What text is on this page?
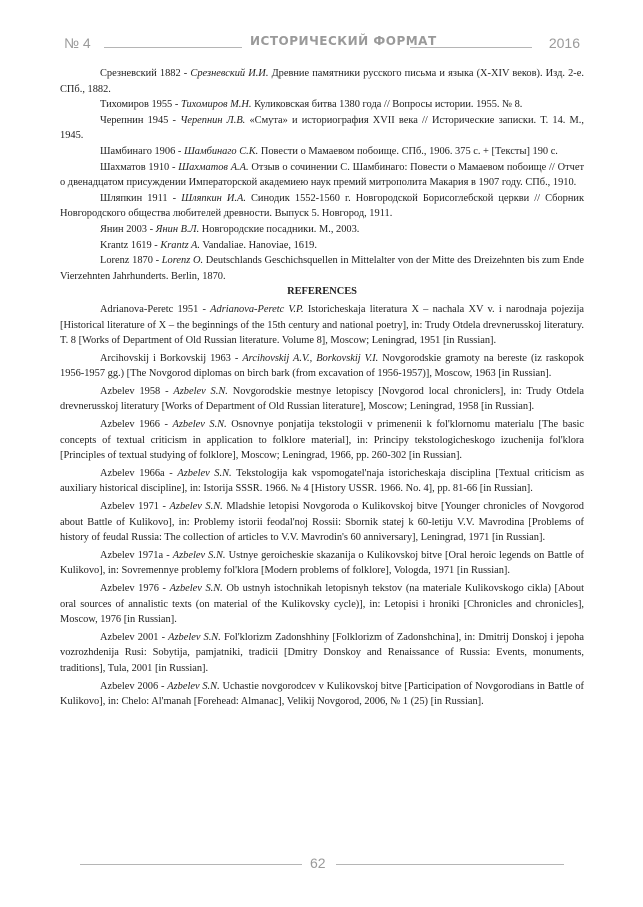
№ 4	ИСТОРИЧЕСКИЙ ФОРМАТ	2016

Срезневский 1882 - Срезневский И.И. Древние памятники русского письма и языка (X-XIV веков). Изд. 2-е. СПб., 1882.

Тихомиров 1955 - Тихомиров М.Н. Куликовская битва 1380 года // Вопросы истории. 1955. № 8.

Черепнин 1945 - Черепнин Л.В. «Смута» и историография XVII века // Исторические записки. Т. 14. М., 1945.

Шамбинаго 1906 - Шамбинаго С.К. Повести о Мамаевом побоище. СПб., 1906. 375 с. + [Тексты] 190 с.

Шахматов 1910 - Шахматов А.А. Отзыв о сочинении С. Шамбинаго: Повести о Мамаевом побоище // Отчет о двенадцатом присуждении Императорской академиею наук премий митрополита Макария в 1907 году. СПб., 1910.

Шляпкин 1911 - Шляпкин И.А. Синодик 1552-1560 г. Новгородской Борисоглебской церкви // Сборник Новгородского общества любителей древности. Выпуск 5. Новгород, 1911.

Янин 2003 - Янин В.Л. Новгородские посадники. М., 2003.

Krantz 1619 - Krantz A. Vandaliae. Hanoviae, 1619.

Lorenz 1870 - Lorenz O. Deutschlands Geschichsquellen in Mittelalter von der Mitte des Dreizehnten bis zum Ende Vierzehnten Jahrhunderts. Berlin, 1870.

REFERENCES

Adrianova-Peretc 1951 - Adrianova-Peretc V.P. Istoricheskaja literatura X – nachala XV v. i narodnaja pojezija [Historical literature of X – the beginnings of the 15th century and national poetry], in: Trudy Otdela drevnerusskoj literatury. T. 8 [Works of Department of Old Russian literature. Volume 8], Moscow; Leningrad, 1951 [in Russian].

Arcihovskij i Borkovskij 1963 - Arcihovskij A.V., Borkovskij V.I. Novgorodskie gramoty na bereste (iz raskopok 1956-1957 gg.) [The Novgorod diplomas on birch bark (from excavation of 1956-1957)], Moscow, 1963 [in Russian].

Azbelev 1958 - Azbelev S.N. Novgorodskie mestnye letopiscy [Novgorod local chroniclers], in: Trudy Otdela drevnerusskoj literatury [Works of Department of Old Russian literature], Moscow; Leningrad, 1958 [in Russian].

Azbelev 1966 - Azbelev S.N. Osnovnye ponjatija tekstologii v primenenii k fol'klornomu materialu [The basic concepts of textual criticism in application to folklore material], in: Principy tekstologicheskogo izuchenija fol'klora [Principles of textual studying of folklore], Moscow; Leningrad, 1966, pp. 260-302 [in Russian].

Azbelev 1966a - Azbelev S.N. Tekstologija kak vspomogatel'naja istoricheskaja disciplina [Textual criticism as auxiliary historical discipline], in: Istorija SSSR. 1966. № 4 [History USSR. 1966. No. 4], pp. 81-66 [in Russian].

Azbelev 1971 - Azbelev S.N. Mladshie letopisi Novgoroda o Kulikovskoj bitve [Younger chronicles of Novgorod about Battle of Kulikovo], in: Problemy istorii feodal'noj Rossii: Sbornik statej k 60-letiju V.V. Mavrodina [Problems of history of feudal Russia: The collection of articles to V.V. Mavrodin's 60 anniversary], Leningrad, 1971 [in Russian].

Azbelev 1971a - Azbelev S.N. Ustnye geroicheskie skazanija o Kulikovskoj bitve [Oral heroic legends on Battle of Kulikovo], in: Sovremennye problemy fol'klora [Modern problems of folklore], Vologda, 1971 [in Russian].

Azbelev 1976 - Azbelev S.N. Ob ustnyh istochnikah letopisnyh tekstov (na materiale Kulikovskogo cikla) [About oral sources of annalistic texts (on material of the Kulikovsky cycle)], in: Letopisi i hroniki [Chronicles and chronicles], Moscow, 1976 [in Russian].

Azbelev 2001 - Azbelev S.N. Fol'klorizm Zadonshhiny [Folklorizm of Zadonshchina], in: Dmitrij Donskoj i jepoha vozrozhdenija Rusi: Sobytija, pamjatniki, tradicii [Dmitry Donskoy and Renaissance of Russia: Events, monuments, traditions], Tula, 2001 [in Russian].

Azbelev 2006 - Azbelev S.N. Uchastie novgorodcev v Kulikovskoj bitve [Participation of Novgorodians in Battle of Kulikovo], in: Chelo: Al'manah [Forehead: Almanac], Velikij Novgorod, 2006, № 1 (25) [in Russian].

62
